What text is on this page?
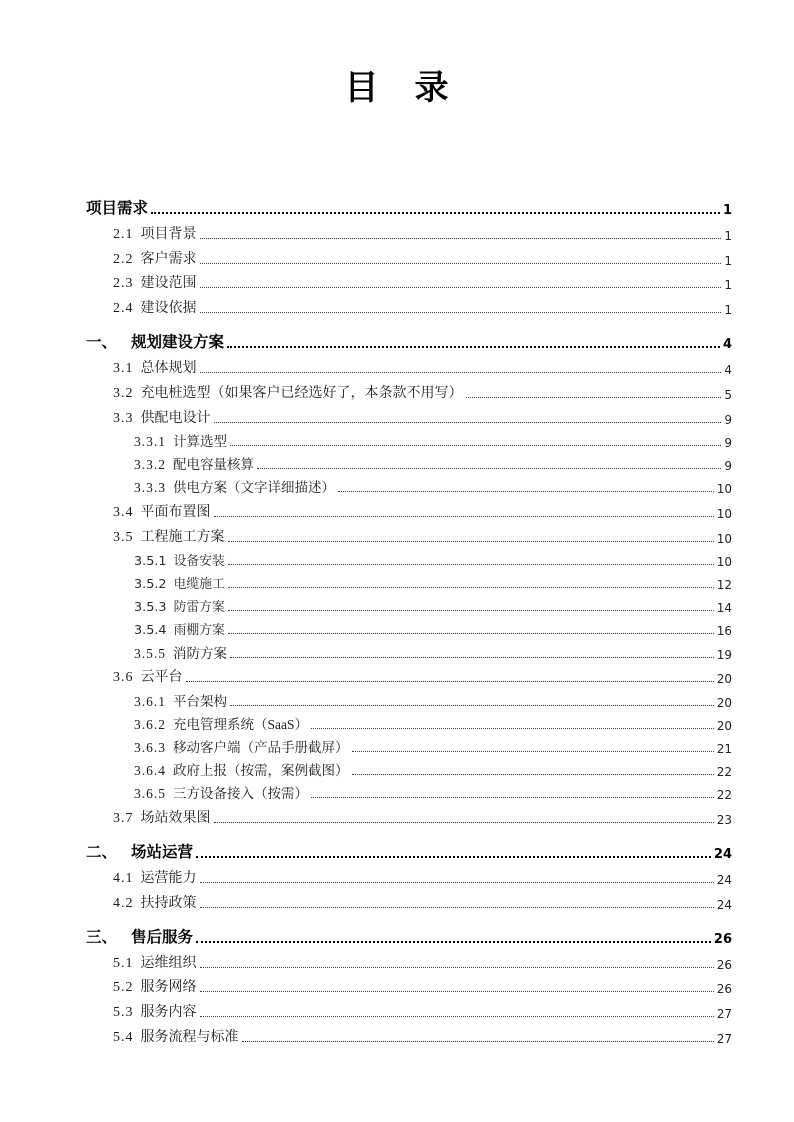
目　录
项目需求	1
2.1 项目背景	1
2.2 客户需求	1
2.3 建设范围	1
2.4 建设依据	1
一、 规划建设方案	4
3.1 总体规划	4
3.2 充电桩选型（如果客户已经选好了，本条款不用写）	5
3.3 供配电设计	9
3.3.1 计算选型	9
3.3.2 配电容量核算	9
3.3.3 供电方案（文字详细描述）	10
3.4 平面布置图	10
3.5 工程施工方案	10
3.5.1 设备安装	10
3.5.2 电缆施工	12
3.5.3 防雷方案	14
3.5.4 雨棚方案	16
3.5.5 消防方案	19
3.6 云平台	20
3.6.1 平台架构	20
3.6.2 充电管理系统（SaaS）	20
3.6.3 移动客户端（产品手册截屏）	21
3.6.4 政府上报（按需，案例截图）	22
3.6.5 三方设备接入（按需）	22
3.7 场站效果图	23
二、 场站运营	24
4.1 运营能力	24
4.2 扶持政策	24
三、 售后服务	26
5.1 运维组织	26
5.2 服务网络	26
5.3 服务内容	27
5.4 服务流程与标准	27
